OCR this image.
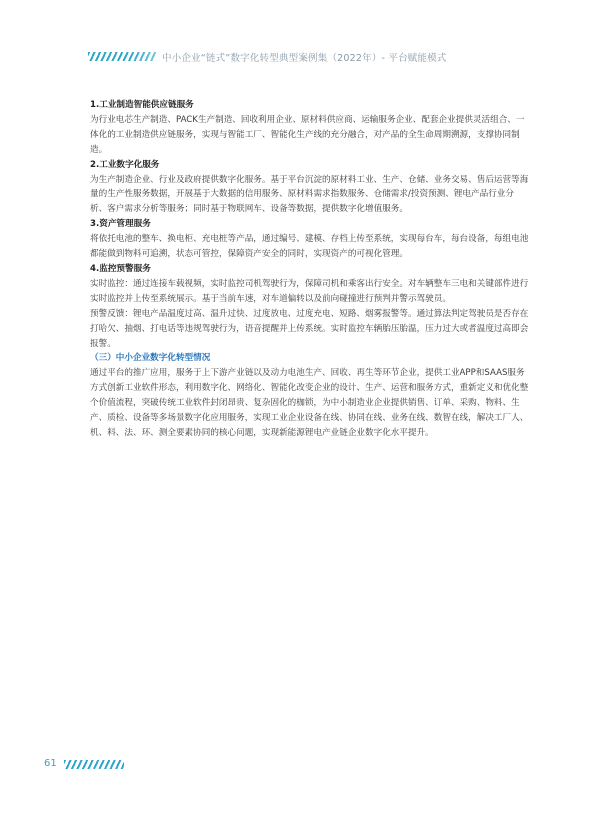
中小企业“链式”数字化转型典型案例集（2022年）- 平台赋能模式

1.工业制造智能供应链服务

为行业电芯生产制造、PACK生产制造、回收利用企业、原材料供应商、运输服务企业、配套企业提供灵活组合、一体化的工业制造供应链服务，实现与智能工厂、智能化生产线的充分融合，对产品的全生命周期溯源，支撑协同制造。

2.工业数字化服务

为生产制造企业、行业及政府提供数字化服务。基于平台沉淀的原材料工业、生产、仓储、业务交易、售后运营等海量的生产性服务数据，开展基于大数据的信用服务、原材料需求指数服务、仓储需求/投资预测、锂电产品行业分析、客户需求分析等服务；同时基于物联网车、设备等数据，提供数字化增值服务。

3.资产管理服务

将依托电池的整车、换电柜、充电桩等产品，通过编号、建模、存档上传至系统，实现每台车，每台设备，每组电池都能做到物料可追溯，状态可管控，保障资产安全的同时，实现资产的可视化管理。

4.监控预警服务

实时监控：通过连接车载视频，实时监控司机驾驶行为，保障司机和乘客出行安全。对车辆整车三电和关键部件进行实时监控并上传至系统展示。基于当前车速，对车道偏转以及前向碰撞进行预判并警示驾驶员。

预警反馈：锂电产品温度过高、温升过快、过度放电、过度充电、短路、烟雾报警等。通过算法判定驾驶员是否存在打哈欠、抽烟、打电话等违规驾驶行为，语音提醒并上传系统。实时监控车辆胎压胎温，压力过大或者温度过高即会报警。

（三）中小企业数字化转型情况

通过平台的推广应用，服务于上下游产业链以及动力电池生产、回收、再生等环节企业，提供工业APP和SAAS服务方式创新工业软件形态，利用数字化、网络化、智能化改变企业的设计、生产、运营和服务方式，重新定义和优化整个价值流程，突破传统工业软件封闭昂贵、复杂固化的枷锁，为中小制造业企业提供销售、订单、采购、物料、生产、质检、设备等多场景数字化应用服务，实现工业企业设备在线、协同在线、业务在线、数智在线，解决工厂人、机、料、法、环、测全要素协同的核心问题，实现新能源锂电产业链企业数字化水平提升。

61
